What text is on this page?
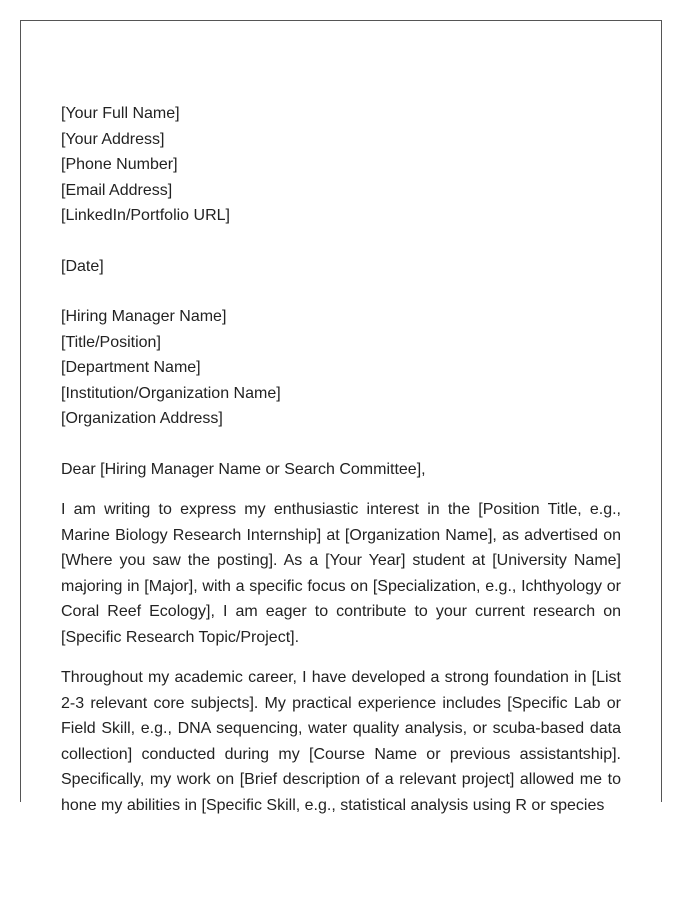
[Your Full Name]
[Your Address]
[Phone Number]
[Email Address]
[LinkedIn/Portfolio URL]
[Date]
[Hiring Manager Name]
[Title/Position]
[Department Name]
[Institution/Organization Name]
[Organization Address]
Dear [Hiring Manager Name or Search Committee],

I am writing to express my enthusiastic interest in the [Position Title, e.g., Marine Biology Research Internship] at [Organization Name], as advertised on [Where you saw the posting]. As a [Your Year] student at [University Name] majoring in [Major], with a specific focus on [Specialization, e.g., Ichthyology or Coral Reef Ecology], I am eager to contribute to your current research on [Specific Research Topic/Project].

Throughout my academic career, I have developed a strong foundation in [List 2-3 relevant core subjects]. My practical experience includes [Specific Lab or Field Skill, e.g., DNA sequencing, water quality analysis, or scuba-based data collection] conducted during my [Course Name or previous assistantship]. Specifically, my work on [Brief description of a relevant project] allowed me to hone my abilities in [Specific Skill, e.g., statistical analysis using R or species
